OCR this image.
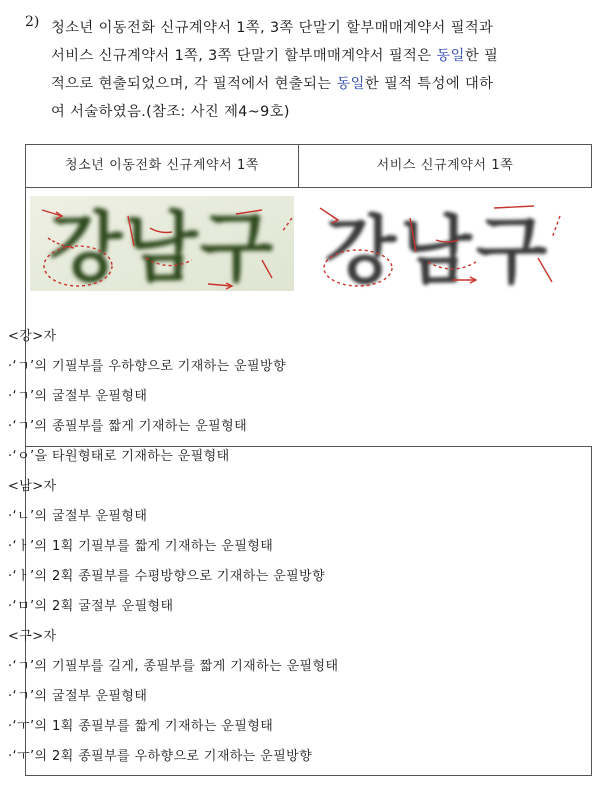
2) 청소년 이동전화 신규계약서 1쪽, 3쪽 단말기 할부매매계약서 필적과
서비스 신규계약서 1쪽, 3쪽 단말기 할부매매계약서 필적은 동일한 필
적으로 현출되었으며, 각 필적에서 현출되는 동일한 필적 특성에 대하
여 서술하였음.(참조: 사진 제4~9호)
청소년 이동전화 신규계약서 1쪽	서비스 신규계약서 1쪽
강남구 강남구
<강>자
·‘ㄱ’의 기필부를 우하향으로 기재하는 운필방향
·‘ㄱ’의 굴절부 운필형태
·‘ㄱ’의 종필부를 짧게 기재하는 운필형태
·‘ㅇ’을 타원형태로 기재하는 운필형태
<남>자
·‘ㄴ’의 굴절부 운필형태
·‘ㅏ’의 1획 기필부를 짧게 기재하는 운필형태
·‘ㅏ’의 2획 종필부를 수평방향으로 기재하는 운필방향
·‘ㅁ’의 2획 굴절부 운필형태
<구>자
·‘ㄱ’의 기필부를 길게, 종필부를 짧게 기재하는 운필형태
·‘ㄱ’의 굴절부 운필형태
·‘ㅜ’의 1획 종필부를 짧게 기재하는 운필형태
·‘ㅜ’의 2획 종필부를 우하향으로 기재하는 운필방향
